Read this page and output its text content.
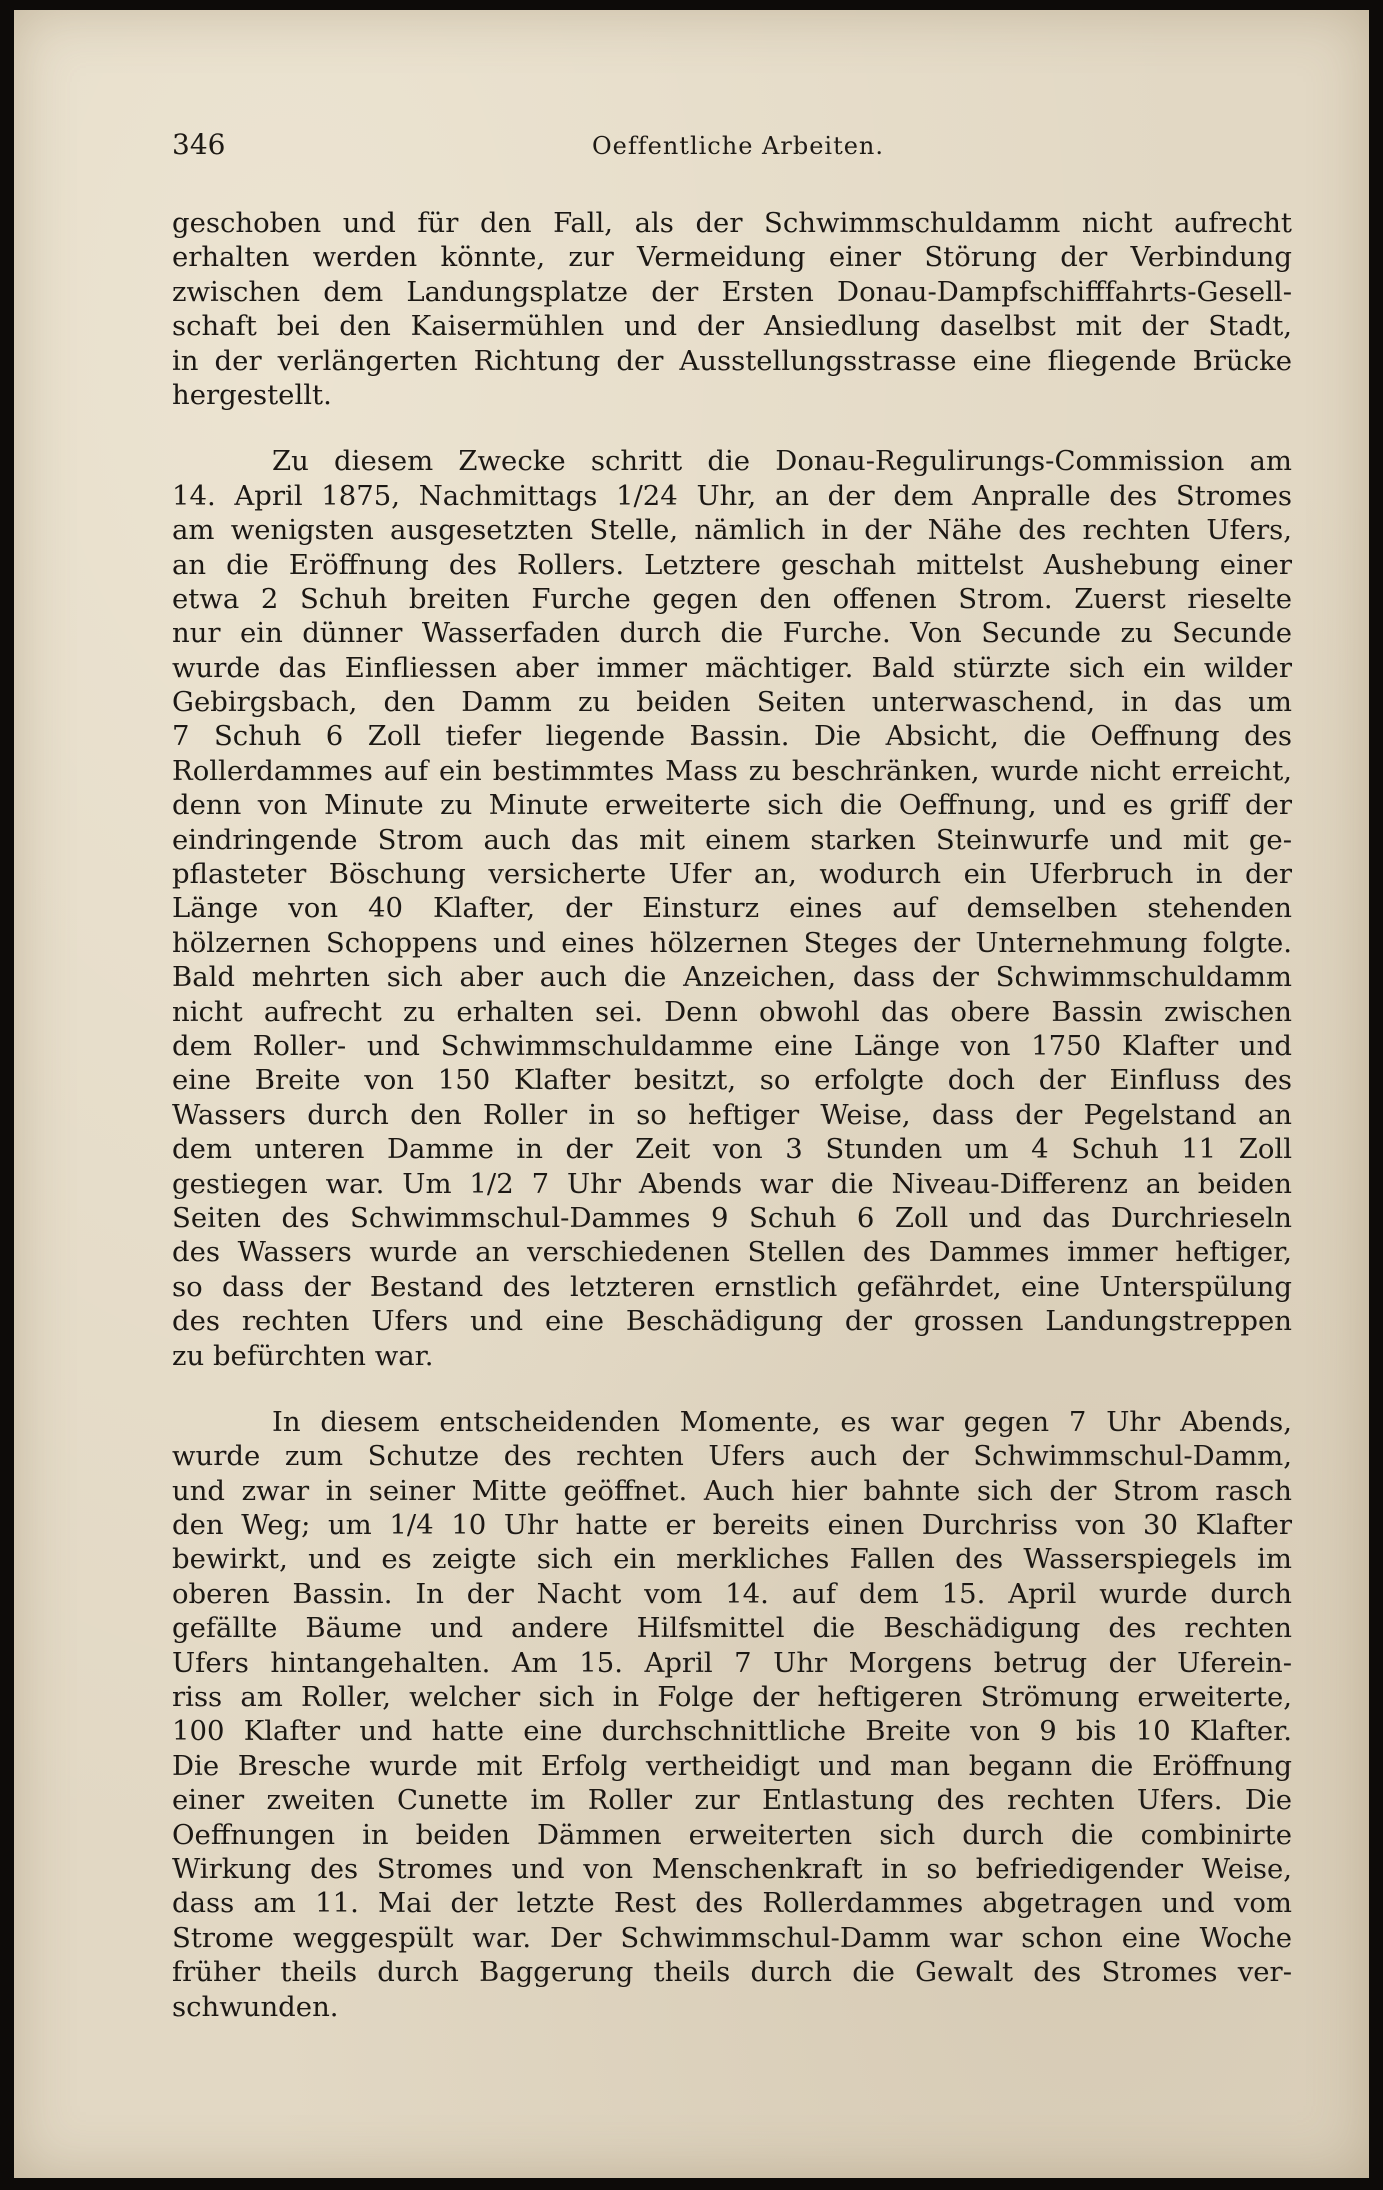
346	Oeffentliche Arbeiten.
geschoben und für den Fall, als der Schwimmschuldamm nicht aufrecht
erhalten werden könnte, zur Vermeidung einer Störung der Verbindung
zwischen dem Landungsplatze der Ersten Donau-Dampfschifffahrts-Gesell-
schaft bei den Kaisermühlen und der Ansiedlung daselbst mit der Stadt,
in der verlängerten Richtung der Ausstellungsstrasse eine fliegende Brücke
hergestellt.
Zu diesem Zwecke schritt die Donau-Regulirungs-Commission am
14. April 1875, Nachmittags 1/24 Uhr, an der dem Anpralle des Stromes
am wenigsten ausgesetzten Stelle, nämlich in der Nähe des rechten Ufers,
an die Eröffnung des Rollers. Letztere geschah mittelst Aushebung einer
etwa 2 Schuh breiten Furche gegen den offenen Strom. Zuerst rieselte
nur ein dünner Wasserfaden durch die Furche. Von Secunde zu Secunde
wurde das Einfliessen aber immer mächtiger. Bald stürzte sich ein wilder
Gebirgsbach, den Damm zu beiden Seiten unterwaschend, in das um
7 Schuh 6 Zoll tiefer liegende Bassin. Die Absicht, die Oeffnung des
Rollerdammes auf ein bestimmtes Mass zu beschränken, wurde nicht erreicht,
denn von Minute zu Minute erweiterte sich die Oeffnung, und es griff der
eindringende Strom auch das mit einem starken Steinwurfe und mit ge-
pflasteter Böschung versicherte Ufer an, wodurch ein Uferbruch in der
Länge von 40 Klafter, der Einsturz eines auf demselben stehenden
hölzernen Schoppens und eines hölzernen Steges der Unternehmung folgte.
Bald mehrten sich aber auch die Anzeichen, dass der Schwimmschuldamm
nicht aufrecht zu erhalten sei. Denn obwohl das obere Bassin zwischen
dem Roller- und Schwimmschuldamme eine Länge von 1750 Klafter und
eine Breite von 150 Klafter besitzt, so erfolgte doch der Einfluss des
Wassers durch den Roller in so heftiger Weise, dass der Pegelstand an
dem unteren Damme in der Zeit von 3 Stunden um 4 Schuh 11 Zoll
gestiegen war. Um 1/2 7 Uhr Abends war die Niveau-Differenz an beiden
Seiten des Schwimmschul-Dammes 9 Schuh 6 Zoll und das Durchrieseln
des Wassers wurde an verschiedenen Stellen des Dammes immer heftiger,
so dass der Bestand des letzteren ernstlich gefährdet, eine Unterspülung
des rechten Ufers und eine Beschädigung der grossen Landungstreppen
zu befürchten war.
In diesem entscheidenden Momente, es war gegen 7 Uhr Abends,
wurde zum Schutze des rechten Ufers auch der Schwimmschul-Damm,
und zwar in seiner Mitte geöffnet. Auch hier bahnte sich der Strom rasch
den Weg; um 1/4 10 Uhr hatte er bereits einen Durchriss von 30 Klafter
bewirkt, und es zeigte sich ein merkliches Fallen des Wasserspiegels im
oberen Bassin. In der Nacht vom 14. auf dem 15. April wurde durch
gefällte Bäume und andere Hilfsmittel die Beschädigung des rechten
Ufers hintangehalten. Am 15. April 7 Uhr Morgens betrug der Uferein-
riss am Roller, welcher sich in Folge der heftigeren Strömung erweiterte,
100 Klafter und hatte eine durchschnittliche Breite von 9 bis 10 Klafter.
Die Bresche wurde mit Erfolg vertheidigt und man begann die Eröffnung
einer zweiten Cunette im Roller zur Entlastung des rechten Ufers. Die
Oeffnungen in beiden Dämmen erweiterten sich durch die combinirte
Wirkung des Stromes und von Menschenkraft in so befriedigender Weise,
dass am 11. Mai der letzte Rest des Rollerdammes abgetragen und vom
Strome weggespült war. Der Schwimmschul-Damm war schon eine Woche
früher theils durch Baggerung theils durch die Gewalt des Stromes ver-
schwunden.
